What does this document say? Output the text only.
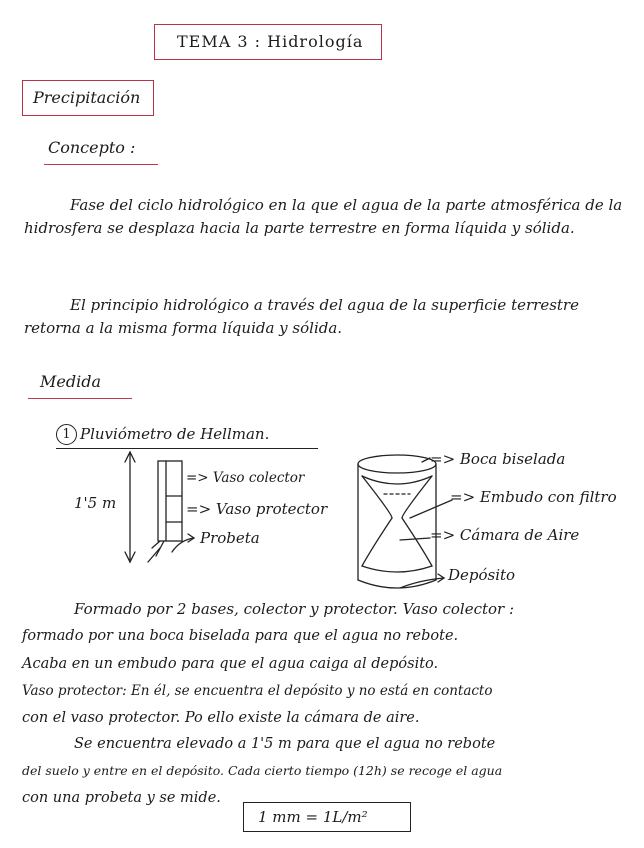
TEMA 3 : Hidrología
Precipitación
Concepto :
Fase del ciclo hidrológico en la que el agua de la parte atmosférica de la hidrosfera se desplaza hacia la parte terrestre en forma líquida y sólida.
El principio hidrológico a través del agua de la superficie terrestre retorna a la misma forma líquida y sólida.
Medida
1 Pluviómetro de Hellman.
1'5 m
=> Vaso colector
=> Vaso protector
Probeta
=> Boca biselada
=> Embudo con filtro
=> Cámara de Aire
Depósito
Formado por 2 bases, colector y protector. Vaso colector :
formado por una boca biselada para que el agua no rebote.
Acaba en un embudo para que el agua caiga al depósito.
Vaso protector: En él, se encuentra el depósito y no está en contacto
con el vaso protector. Po ello existe la cámara de aire.
Se encuentra elevado a 1'5 m para que el agua no rebote
del suelo y entre en el depósito. Cada cierto tiempo (12h) se recoge el agua
con una probeta y se mide.
1 mm = 1L/m²
